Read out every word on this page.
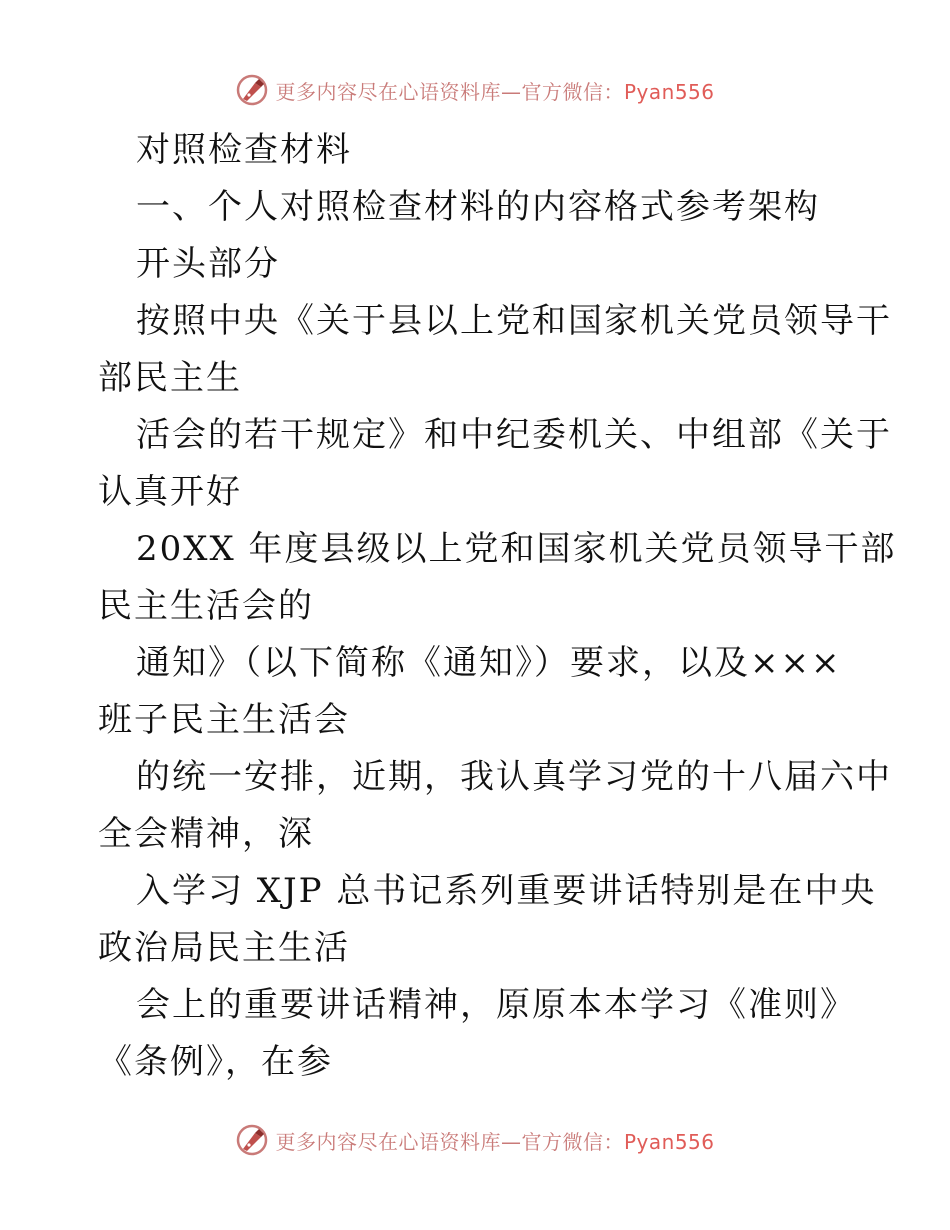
更多内容尽在心语资料库—官方微信：Pyan556
对照检查材料
一、个人对照检查材料的内容格式参考架构
开头部分
按照中央《关于县以上党和国家机关党员领导干
部民主生
活会的若干规定》和中纪委机关、中组部《关于
认真开好
20XX 年度县级以上党和国家机关党员领导干部
民主生活会的
通知》（以下简称《通知》）要求，以及×××
班子民主生活会
的统一安排，近期，我认真学习党的十八届六中
全会精神，深
入学习 XJP 总书记系列重要讲话特别是在中央
政治局民主生活
会上的重要讲话精神，原原本本学习《准则》
《条例》，在参
更多内容尽在心语资料库—官方微信：Pyan556
